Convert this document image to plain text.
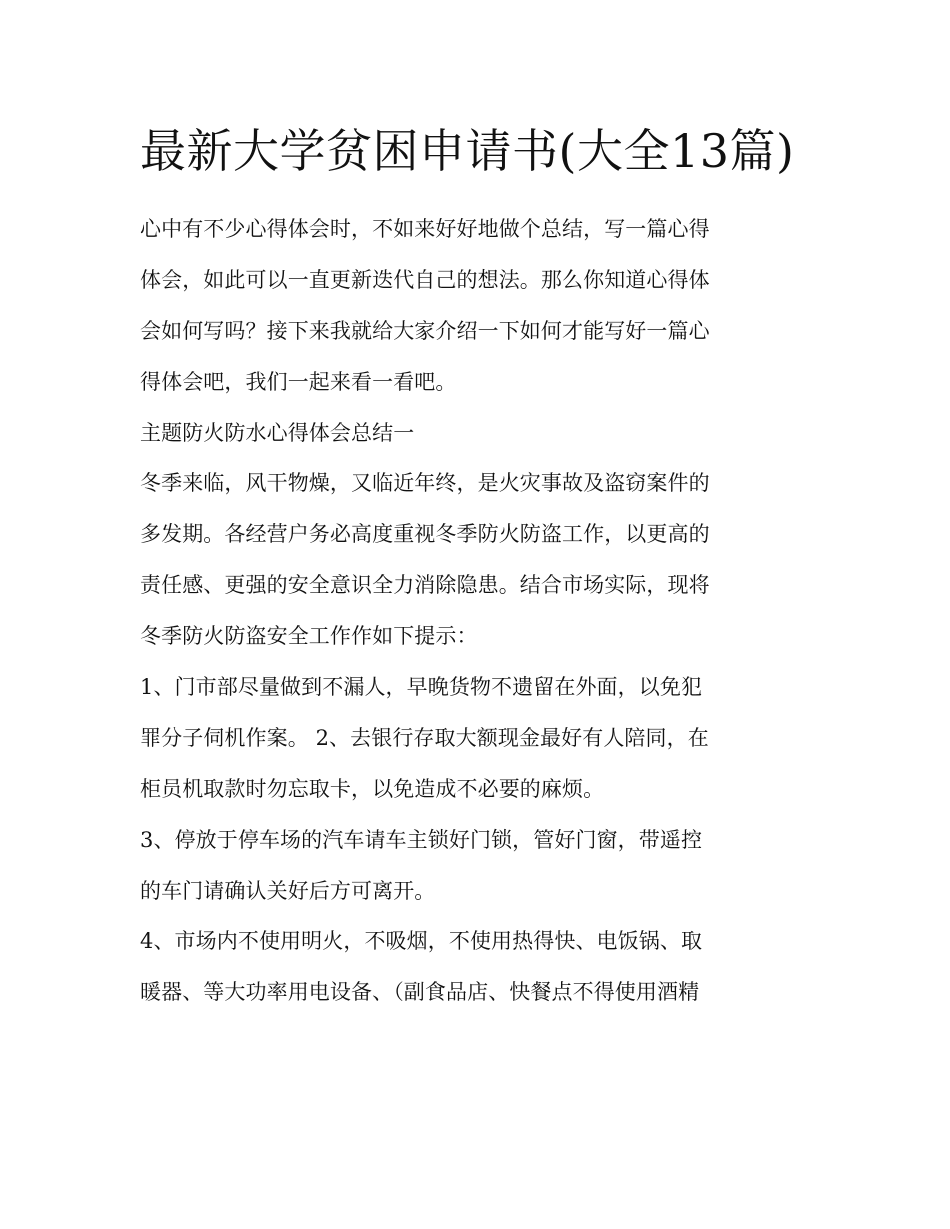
最新大学贫困申请书(大全13篇)
心中有不少心得体会时，不如来好好地做个总结，写一篇心得
体会，如此可以一直更新迭代自己的想法。那么你知道心得体
会如何写吗？接下来我就给大家介绍一下如何才能写好一篇心
得体会吧，我们一起来看一看吧。
主题防火防水心得体会总结一
冬季来临，风干物燥，又临近年终，是火灾事故及盗窃案件的
多发期。各经营户务必高度重视冬季防火防盗工作，以更高的
责任感、更强的安全意识全力消除隐患。结合市场实际，现将
冬季防火防盗安全工作作如下提示：
1、门市部尽量做到不漏人，早晚货物不遗留在外面，以免犯
罪分子伺机作案。 2、去银行存取大额现金最好有人陪同，在
柜员机取款时勿忘取卡，以免造成不必要的麻烦。
3、停放于停车场的汽车请车主锁好门锁，管好门窗，带遥控
的车门请确认关好后方可离开。
4、市场内不使用明火，不吸烟，不使用热得快、电饭锅、取
暖器、等大功率用电设备、（副食品店、快餐点不得使用酒精
